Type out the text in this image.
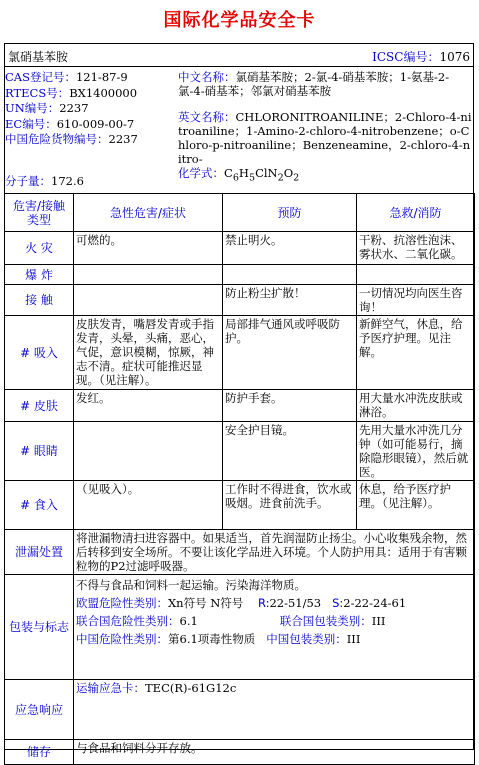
国际化学品安全卡
氯硝基苯胺	ICSC编号：1076
CAS登记号：121-87-9
RTECS号：BX1400000
UN编号：2237
EC编号：610-009-00-7
中国危险货物编号：2237
分子量：172.6
中文名称：氯硝基苯胺；2-氯-4-硝基苯胺；1-氨基-2-氯-4-硝基苯；邻氯对硝基苯胺
英文名称：CHLORONITROANILINE；2-Chloro-4-nitroaniline；1-Amino-2-chloro-4-nitrobenzene；o-Chloro-p-nitroaniline；Benzeneamine，2-chloro-4-nitro-
化学式：$C_6H_5ClN_2O_2$
危害/接触类型	急性危害/症状	预防	急救/消防
火 灾	可燃的。	禁止明火。	干粉、抗溶性泡沫、雾状水、二氧化碳。
爆 炸			
接 触		防止粉尘扩散！	一切情况均向医生咨询！
# 吸入	皮肤发青，嘴唇发青或手指发青，头晕，头痛，恶心，气促，意识模糊，惊厥，神志不清。症状可能推迟显现。（见注解）。	局部排气通风或呼吸防护。	新鲜空气，休息，给予医疗护理。见注解。
# 皮肤	发红。	防护手套。	用大量水冲洗皮肤或淋浴。
# 眼睛		安全护目镜。	先用大量水冲洗几分钟（如可能易行，摘除隐形眼镜），然后就医。
# 食入	（见吸入）。	工作时不得进食，饮水或吸烟。进食前洗手。	休息，给予医疗护理。（见注解）。
泄漏处置	将泄漏物清扫进容器中。如果适当，首先润湿防止扬尘。小心收集残余物，然后转移到安全场所。不要让该化学品进入环境。个人防护用具：适用于有害颗粒物的P2过滤呼吸器。		
包装与标志	不得与食品和饲料一起运输。污染海洋物质。
欧盟危险性类别：Xn符号 N符号 R:22-51/53 S:2-22-24-61
联合国危险性类别：6.1 联合国包装类别：III
中国危险性类别：第6.1项毒性物质 中国包装类别：III		

应急响应	运输应急卡：TEC(R)-61G12c		
储存	与食品和饲料分开存放。		
